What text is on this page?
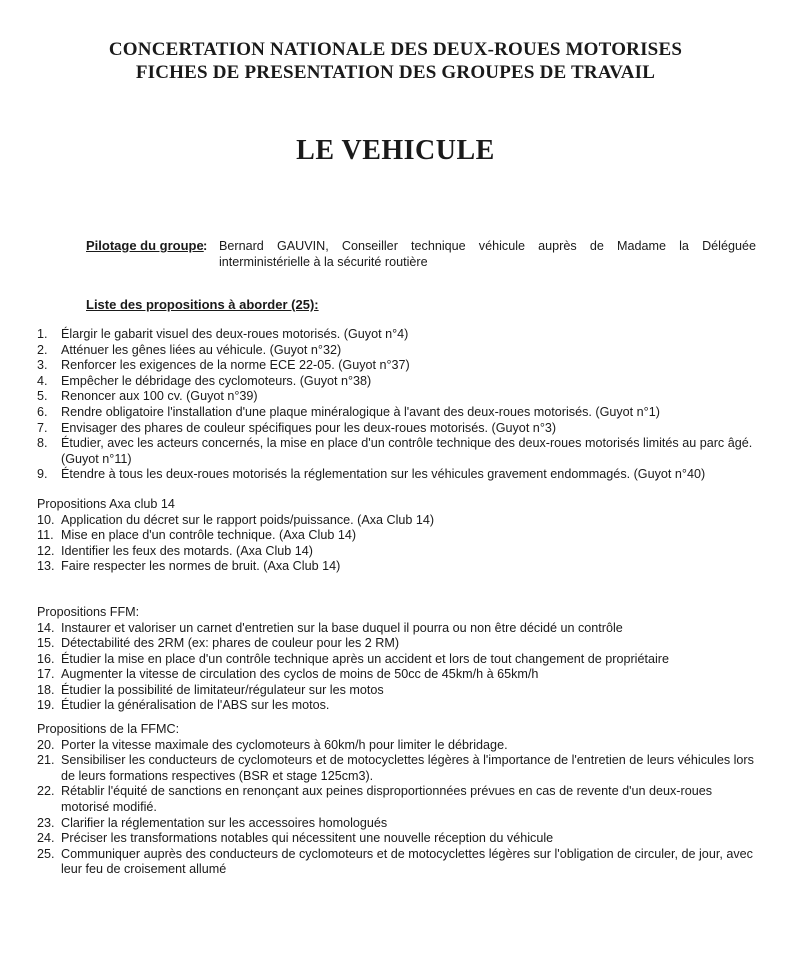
CONCERTATION NATIONALE DES DEUX-ROUES MOTORISES
FICHES DE PRESENTATION DES GROUPES DE TRAVAIL
LE VEHICULE
Pilotage du groupe : Bernard GAUVIN, Conseiller technique véhicule auprès de Madame la Déléguée interministérielle à la sécurité routière
Liste des propositions à aborder (25):
1.	Élargir le gabarit visuel des deux-roues motorisés. (Guyot n°4)
2.	Atténuer les gênes liées au véhicule. (Guyot n°32)
3.	Renforcer les exigences de la norme ECE 22-05. (Guyot n°37)
4.	Empêcher le débridage des cyclomoteurs. (Guyot n°38)
5.	Renoncer aux 100 cv. (Guyot n°39)
6.	Rendre obligatoire l'installation d'une plaque minéralogique à l'avant des deux-roues motorisés. (Guyot n°1)
7.	Envisager des phares de couleur spécifiques pour les deux-roues motorisés. (Guyot n°3)
8.	Étudier, avec les acteurs concernés, la mise en place d'un contrôle technique des deux-roues motorisés limités au parc âgé. (Guyot n°11)
9.	Étendre à tous les deux-roues motorisés la réglementation sur les véhicules gravement endommagés. (Guyot n°40)
Propositions Axa club 14
10. Application du décret sur le rapport poids/puissance. (Axa Club 14)
11. Mise en place d'un contrôle technique. (Axa Club 14)
12. Identifier les feux des motards. (Axa Club 14)
13. Faire respecter les normes de bruit. (Axa Club 14)
Propositions FFM:
14. Instaurer et valoriser un carnet d'entretien sur la base duquel il pourra ou non être décidé un contrôle
15. Détectabilité des 2RM (ex: phares de couleur pour les 2 RM)
16. Étudier la mise en place d'un contrôle technique après un accident et lors de tout changement de propriétaire
17. Augmenter la vitesse de circulation des cyclos de moins de 50cc de 45km/h à 65km/h
18. Étudier la possibilité de limitateur/régulateur sur les motos
19. Étudier la généralisation de l'ABS sur les motos.
Propositions de la FFMC:
20. Porter la vitesse maximale des cyclomoteurs à 60km/h pour limiter le débridage.
21. Sensibiliser les conducteurs de cyclomoteurs et de motocyclettes légères à l'importance de l'entretien de leurs véhicules lors de leurs formations respectives (BSR et stage 125cm3).
22. Rétablir l'équité de sanctions en renonçant aux peines disproportionnées prévues en cas de revente d'un deux-roues motorisé modifié.
23. Clarifier la réglementation sur les accessoires homologués
24. Préciser les transformations notables qui nécessitent une nouvelle réception du véhicule
25. Communiquer auprès des conducteurs de cyclomoteurs et de motocyclettes légères sur l'obligation de circuler, de jour, avec leur feu de croisement allumé
